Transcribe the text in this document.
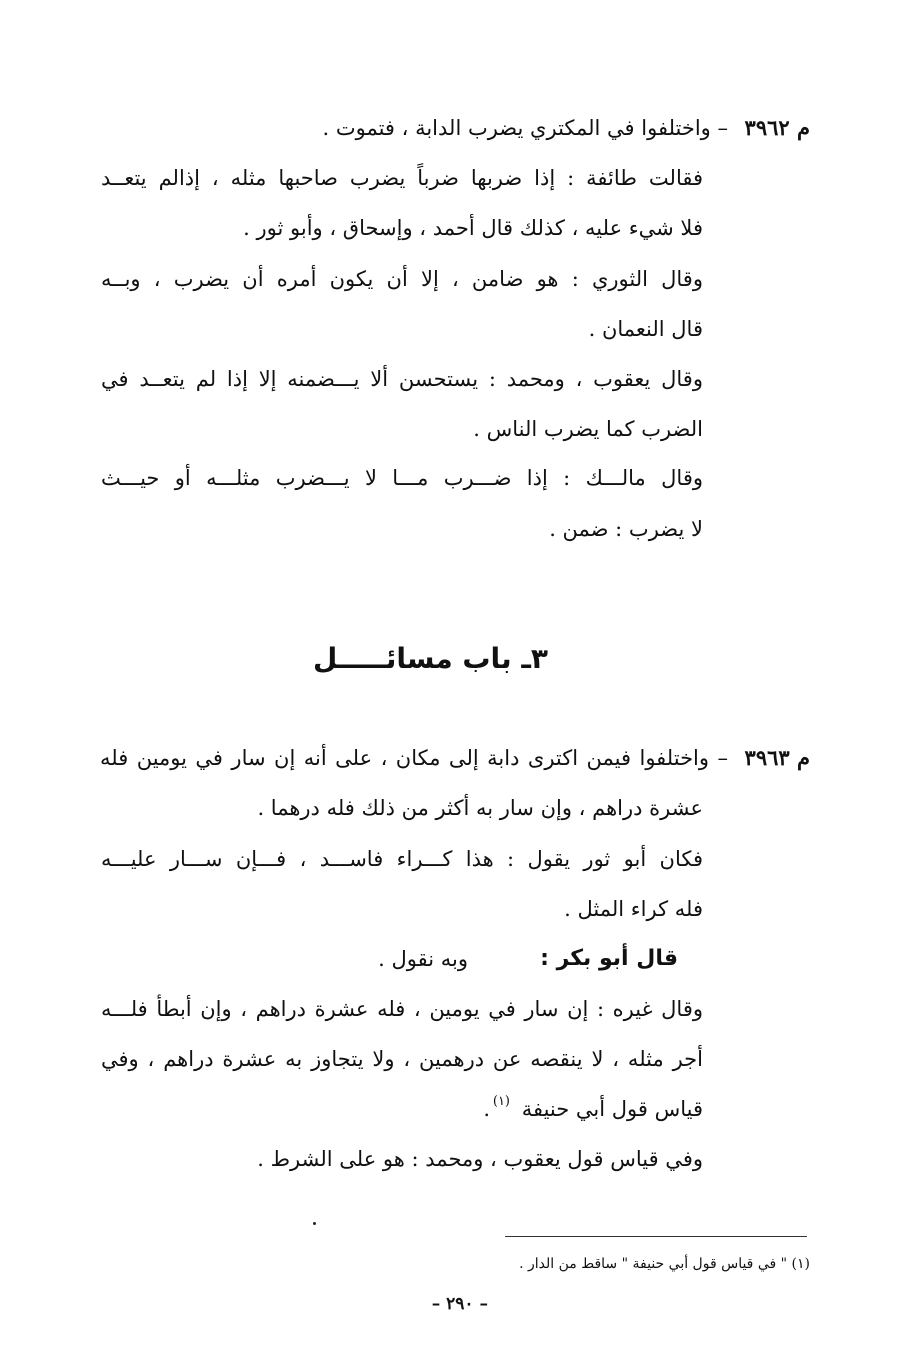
م ٣٩٦٢
– واختلفوا في المكتري يضرب الدابة ، فتموت .
فقالت طائفة : إذا ضربها ضرباً يضرب صاحبها مثله ، إذالم يتعــد
فلا شيء عليه ، كذلك قال أحمد ، وإسحاق ، وأبو ثور .
وقال الثوري : هو ضامن ، إلا أن يكون أمره أن يضرب ، وبــه
قال النعمان .
وقال يعقوب ، ومحمد : يستحسن ألا يـــضمنه إلا إذا لم يتعــد في
الضرب كما يضرب الناس .
وقال مالـــك : إذا ضـــرب مـــا لا يـــضرب مثلـــه أو حيـــث
لا يضرب : ضمن .
٣ـ باب مسائـــــل
م ٣٩٦٣
– واختلفوا فيمن اكترى دابة إلى مكان ، على أنه إن سار في يومين فله
عشرة دراهم ، وإن سار به أكثر من ذلك فله درهما .
فكان أبو ثور يقول : هذا كـــراء فاســـد ، فـــإن ســـار عليـــه
فله كراء المثل .
قال أبو بكر :
وبه نقول .
وقال غيره : إن سار في يومين ، فله عشرة دراهم ، وإن أبطأ فلـــه
أجر مثله ، لا ينقصه عن درهمين ، ولا يتجاوز به عشرة دراهم ، وفي
قياس قول أبي حنيفة
(١)
.
وفي قياس قول يعقوب ، ومحمد : هو على الشرط .
(١) " في قياس قول أبي حنيفة " ساقط من الدار .
– ٢٩٠ –
